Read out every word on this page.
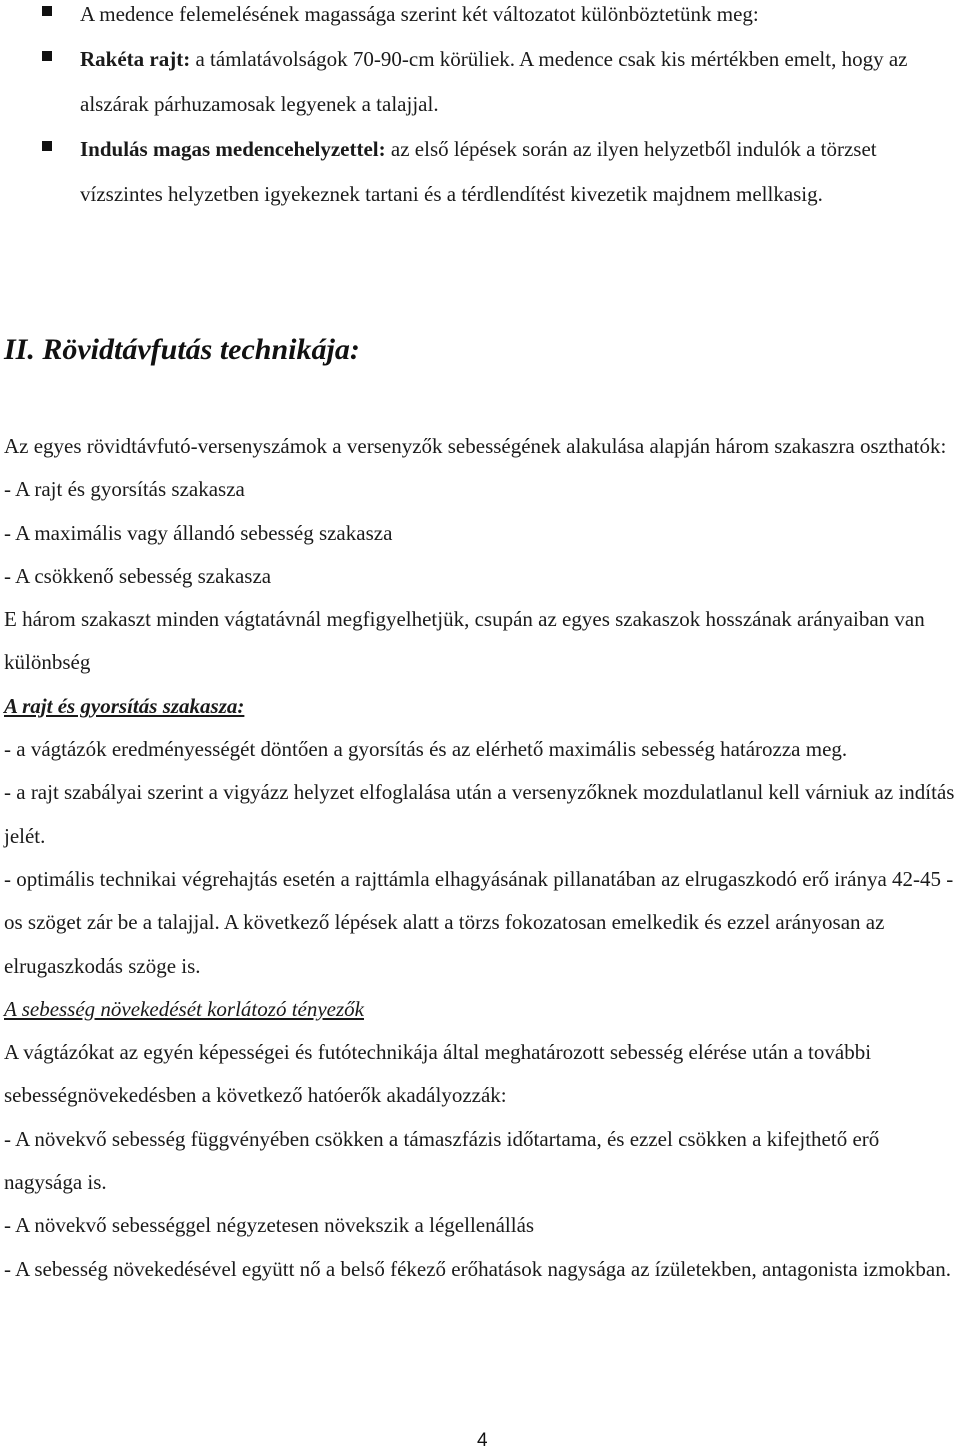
A medence felemelésének magassága szerint két változatot különböztetünk meg:
Rakéta rajt: a támlatávolságok 70-90-cm körüliek. A medence csak kis mértékben emelt, hogy az alszárak párhuzamosak legyenek a talajjal.
Indulás magas medencehelyzettel: az első lépések során az ilyen helyzetből indulók a törzset vízszintes helyzetben igyekeznek tartani és a térdlendítést kivezetik majdnem mellkasig.
II. Rövidtávfutás technikája:

Az egyes rövidtávfutó-versenyszámok a versenyzők sebességének alakulása alapján három szakaszra oszthatók:

- A rajt és gyorsítás szakasza

- A maximális vagy állandó sebesség szakasza

- A csökkenő sebesség szakasza

E három szakaszt minden vágtatávnál megfigyelhetjük, csupán az egyes szakaszok hosszának arányaiban van különbség

A rajt és gyorsítás szakasza:

- a vágtázók eredményességét döntően a gyorsítás és az elérhető maximális sebesség határozza meg.

- a rajt szabályai szerint a vigyázz helyzet elfoglalása után a versenyzőknek mozdulatlanul kell várniuk az indítás jelét.

- optimális technikai végrehajtás esetén a rajttámla elhagyásának pillanatában az elrugaszkodó erő iránya 42-45 -os szöget zár be a talajjal. A következő lépések alatt a törzs fokozatosan emelkedik és ezzel arányosan az elrugaszkodás szöge is.

A sebesség növekedését korlátozó tényezők

A vágtázókat az egyén képességei és futótechnikája által meghatározott sebesség elérése után a további sebességnövekedésben a következő hatóerők akadályozzák:

- A növekvő sebesség függvényében csökken a támaszfázis időtartama, és ezzel csökken a kifejthető erő nagysága is.

- A növekvő sebességgel négyzetesen növekszik a légellenállás

- A sebesség növekedésével együtt nő a belső fékező erőhatások nagysága az ízületekben, antagonista izmokban.

4
